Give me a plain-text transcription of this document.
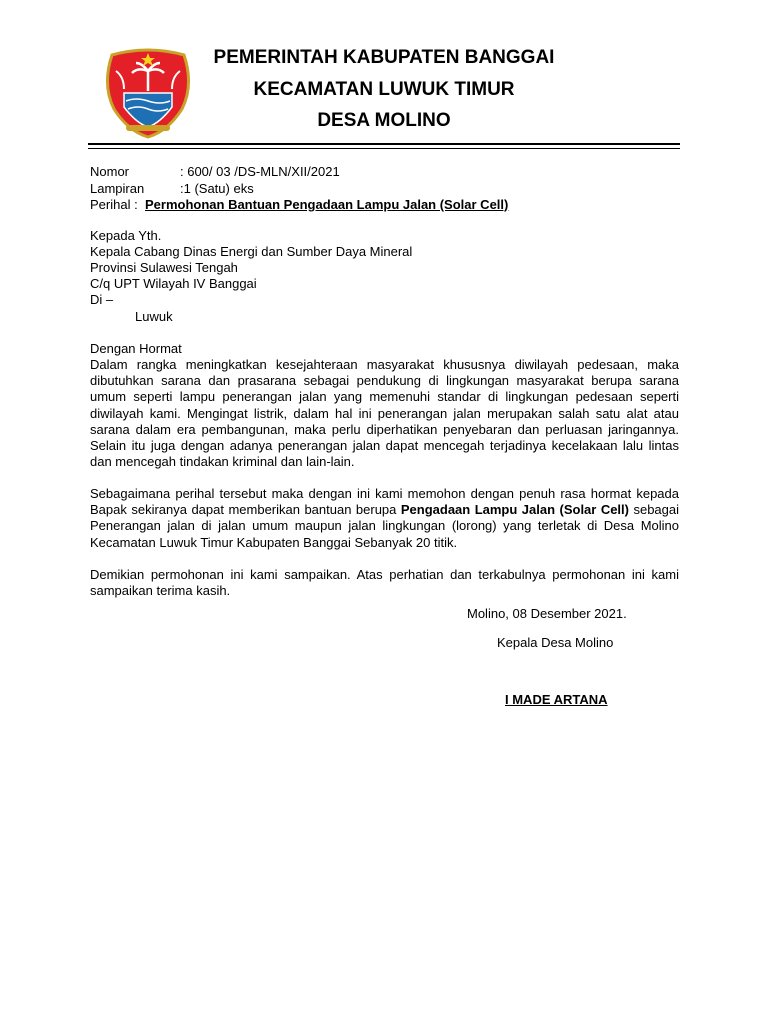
PEMERINTAH KABUPATEN BANGGAI
KECAMATAN LUWUK TIMUR
DESA MOLINO
Nomor	: 600/ 03 /DS-MLN/XII/2021
Lampiran	:1 (Satu) eks
Perihal : Permohonan Bantuan Pengadaan Lampu Jalan (Solar Cell)
Kepada Yth.
Kepala Cabang Dinas Energi dan Sumber Daya Mineral
Provinsi Sulawesi Tengah
C/q UPT Wilayah IV Banggai
Di –
Luwuk
Dengan Hormat

Dalam rangka meningkatkan kesejahteraan masyarakat khususnya diwilayah pedesaan, maka dibutuhkan sarana dan prasarana sebagai pendukung di lingkungan masyarakat berupa sarana umum seperti lampu penerangan jalan yang memenuhi standar di lingkungan pedesaan seperti diwilayah kami. Mengingat listrik, dalam hal ini penerangan jalan merupakan salah satu alat atau sarana dalam era pembangunan, maka perlu diperhatikan penyebaran dan perluasan jaringannya. Selain itu juga dengan adanya penerangan jalan dapat mencegah terjadinya kecelakaan lalu lintas dan mencegah tindakan kriminal dan lain-lain.

Sebagaimana perihal tersebut maka dengan ini kami memohon dengan penuh rasa hormat kepada Bapak sekiranya dapat memberikan bantuan berupa Pengadaan Lampu Jalan (Solar Cell) sebagai Penerangan jalan di jalan umum maupun jalan lingkungan (lorong) yang terletak di Desa Molino Kecamatan Luwuk Timur Kabupaten Banggai Sebanyak 20 titik.

Demikian permohonan ini kami sampaikan. Atas perhatian dan terkabulnya permohonan ini kami sampaikan terima kasih.

Molino, 08 Desember 2021.
Kepala Desa Molino
I MADE ARTANA
